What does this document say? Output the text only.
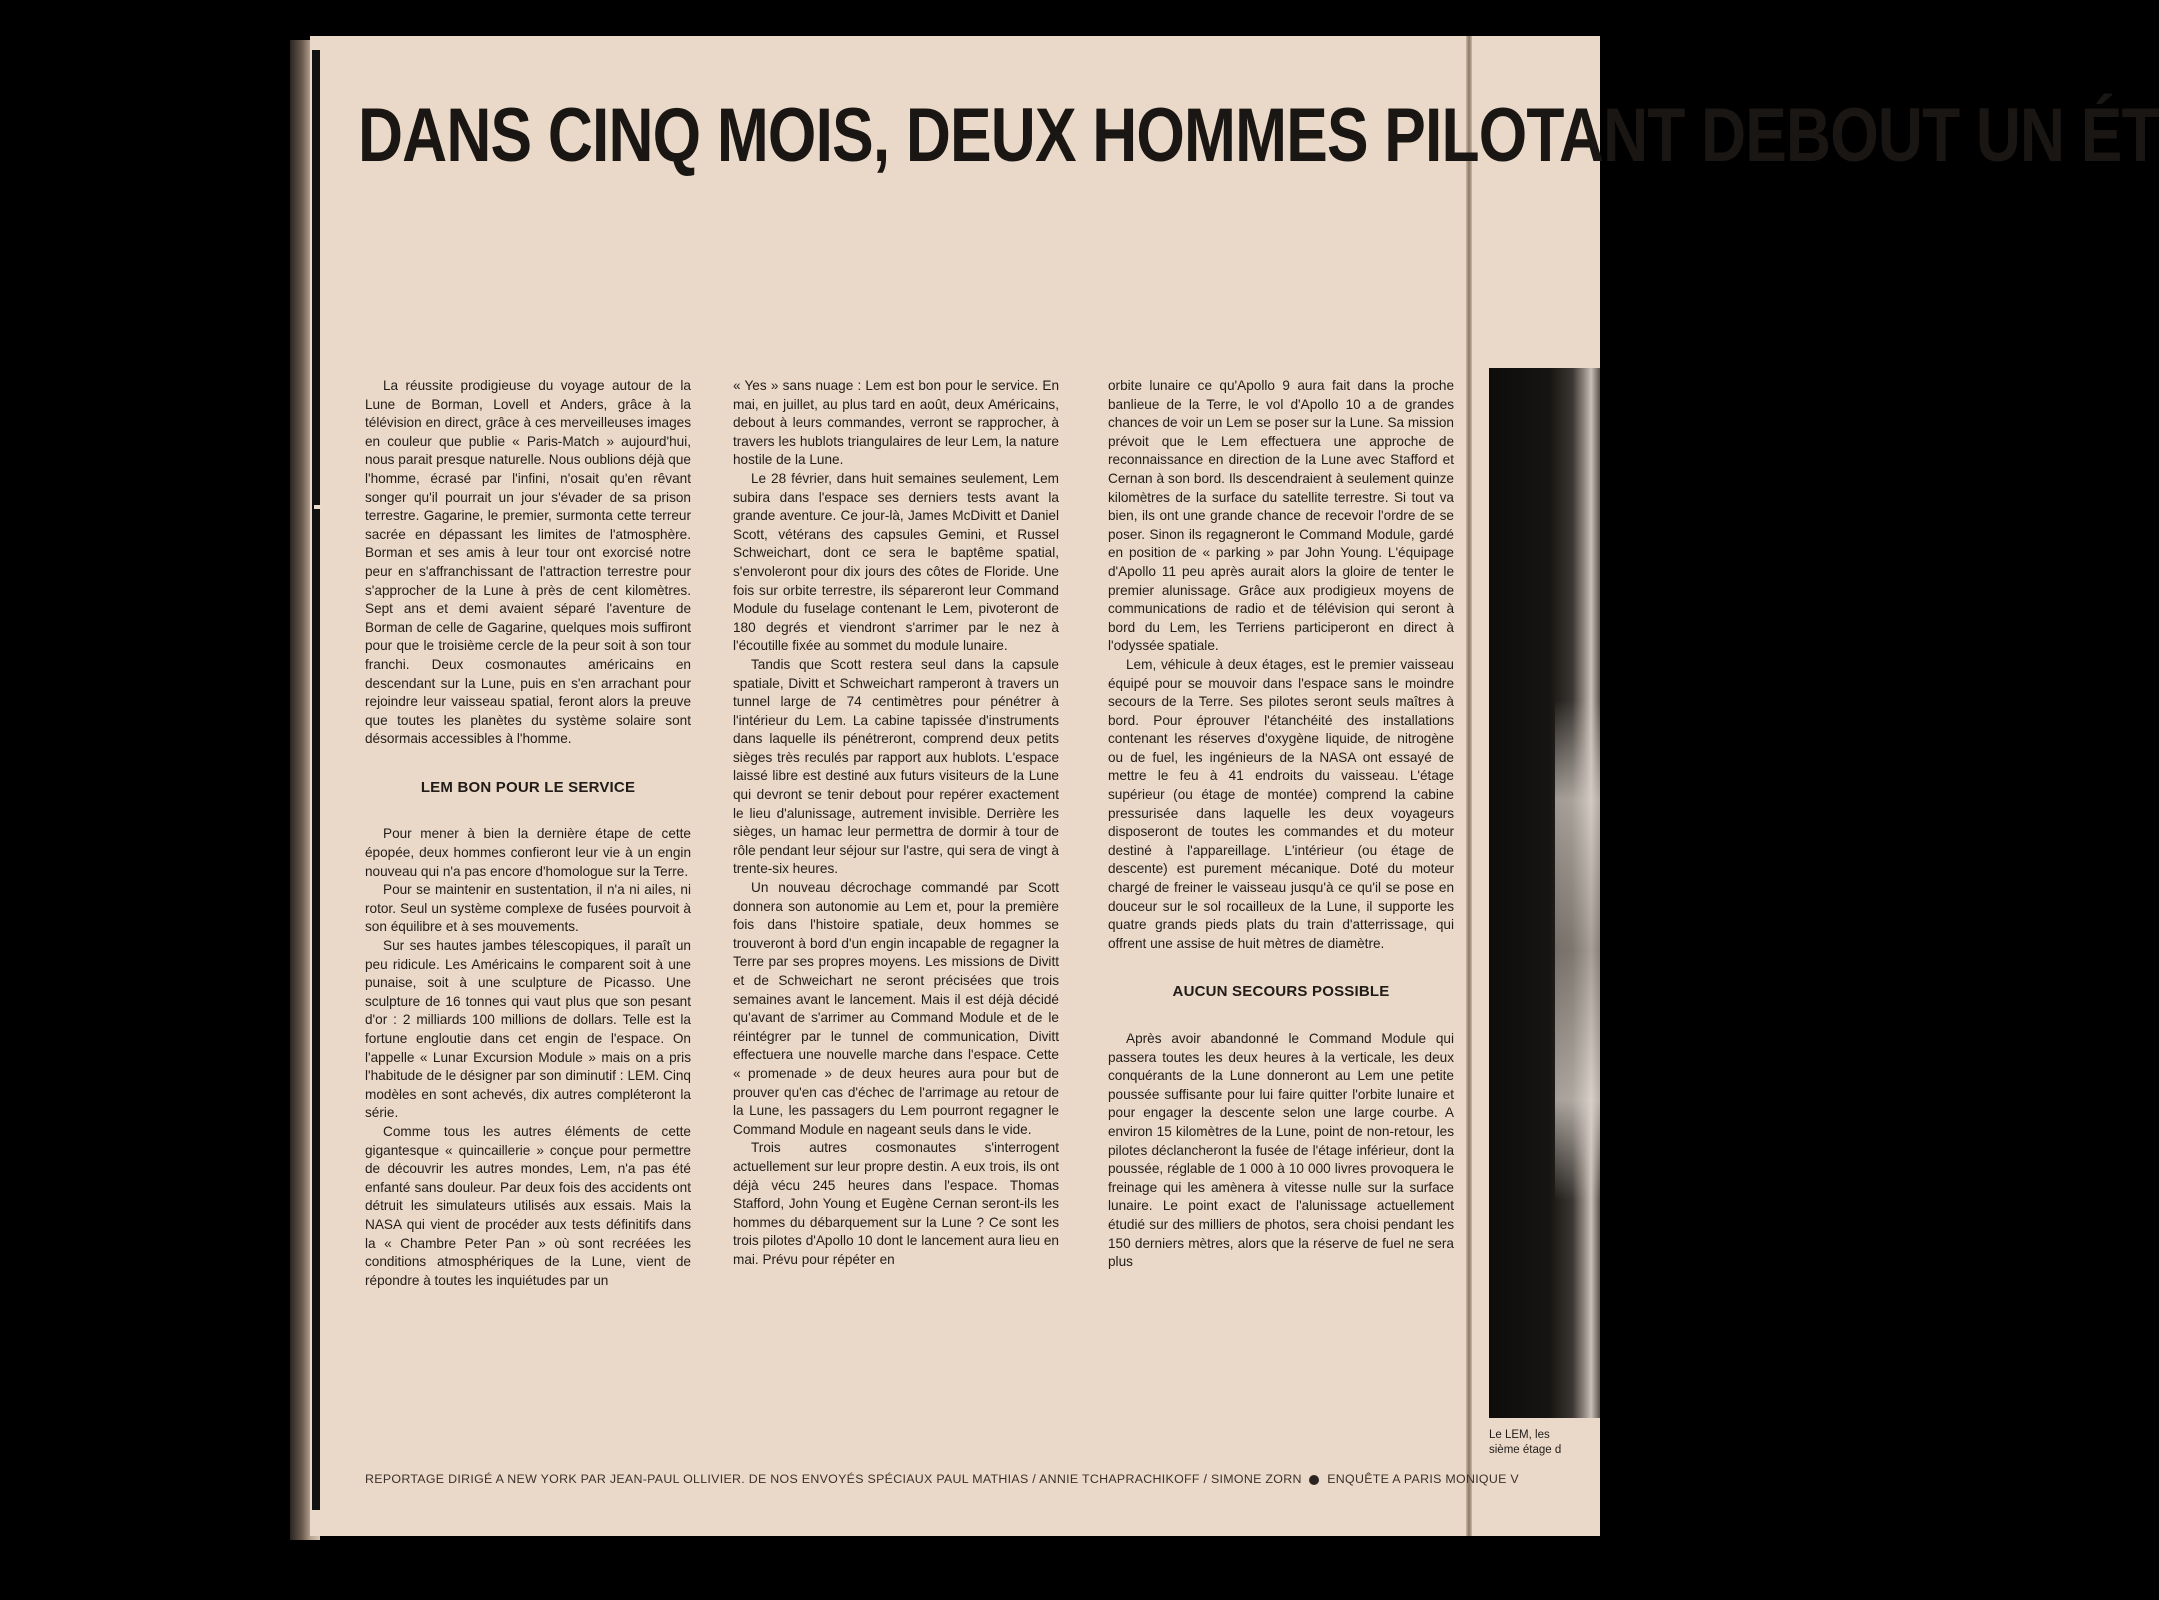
DANS CINQ MOIS, DEUX HOMMES PILOTANT DEBOUT UN ÉT

La réussite prodigieuse du voyage autour de la Lune de Borman, Lovell et Anders, grâce à la télévision en direct, grâce à ces merveilleuses images en couleur que publie « Paris-Match » aujourd'hui, nous parait presque naturelle. Nous oublions déjà que l'homme, écrasé par l'infini, n'osait qu'en rêvant songer qu'il pourrait un jour s'évader de sa prison terrestre. Gagarine, le premier, surmonta cette terreur sacrée en dépassant les limites de l'atmosphère. Borman et ses amis à leur tour ont exorcisé notre peur en s'affranchissant de l'attraction terrestre pour s'approcher de la Lune à près de cent kilomètres. Sept ans et demi avaient séparé l'aventure de Borman de celle de Gagarine, quelques mois suffiront pour que le troisième cercle de la peur soit à son tour franchi. Deux cosmonautes américains en descendant sur la Lune, puis en s'en arrachant pour rejoindre leur vaisseau spatial, feront alors la preuve que toutes les planètes du système solaire sont désormais accessibles à l'homme.

LEM BON POUR LE SERVICE

Pour mener à bien la dernière étape de cette épopée, deux hommes confieront leur vie à un engin nouveau qui n'a pas encore d'homologue sur la Terre.

Pour se maintenir en sustentation, il n'a ni ailes, ni rotor. Seul un système complexe de fusées pourvoit à son équilibre et à ses mouvements.

Sur ses hautes jambes télescopiques, il paraît un peu ridicule. Les Américains le comparent soit à une punaise, soit à une sculpture de Picasso. Une sculpture de 16 tonnes qui vaut plus que son pesant d'or : 2 milliards 100 millions de dollars. Telle est la fortune engloutie dans cet engin de l'espace. On l'appelle « Lunar Excursion Module » mais on a pris l'habitude de le désigner par son diminutif : LEM. Cinq modèles en sont achevés, dix autres compléteront la série.

Comme tous les autres éléments de cette gigantesque « quincaillerie » conçue pour permettre de découvrir les autres mondes, Lem, n'a pas été enfanté sans douleur. Par deux fois des accidents ont détruit les simulateurs utilisés aux essais. Mais la NASA qui vient de procéder aux tests définitifs dans la « Chambre Peter Pan » où sont recréées les conditions atmosphériques de la Lune, vient de répondre à toutes les inquiétudes par un

« Yes » sans nuage : Lem est bon pour le service. En mai, en juillet, au plus tard en août, deux Américains, debout à leurs commandes, verront se rapprocher, à travers les hublots triangulaires de leur Lem, la nature hostile de la Lune.

Le 28 février, dans huit semaines seulement, Lem subira dans l'espace ses derniers tests avant la grande aventure. Ce jour-là, James McDivitt et Daniel Scott, vétérans des capsules Gemini, et Russel Schweichart, dont ce sera le baptême spatial, s'envoleront pour dix jours des côtes de Floride. Une fois sur orbite terrestre, ils sépareront leur Command Module du fuselage contenant le Lem, pivoteront de 180 degrés et viendront s'arrimer par le nez à l'écoutille fixée au sommet du module lunaire.

Tandis que Scott restera seul dans la capsule spatiale, Divitt et Schweichart ramperont à travers un tunnel large de 74 centimètres pour pénétrer à l'intérieur du Lem. La cabine tapissée d'instruments dans laquelle ils pénétreront, comprend deux petits sièges très reculés par rapport aux hublots. L'espace laissé libre est destiné aux futurs visiteurs de la Lune qui devront se tenir debout pour repérer exactement le lieu d'alunissage, autrement invisible. Derrière les sièges, un hamac leur permettra de dormir à tour de rôle pendant leur séjour sur l'astre, qui sera de vingt à trente-six heures.

Un nouveau décrochage commandé par Scott donnera son autonomie au Lem et, pour la première fois dans l'histoire spatiale, deux hommes se trouveront à bord d'un engin incapable de regagner la Terre par ses propres moyens. Les missions de Divitt et de Schweichart ne seront précisées que trois semaines avant le lancement. Mais il est déjà décidé qu'avant de s'arrimer au Command Module et de le réintégrer par le tunnel de communication, Divitt effectuera une nouvelle marche dans l'espace. Cette « promenade » de deux heures aura pour but de prouver qu'en cas d'échec de l'arrimage au retour de la Lune, les passagers du Lem pourront regagner le Command Module en nageant seuls dans le vide.

Trois autres cosmonautes s'interrogent actuellement sur leur propre destin. A eux trois, ils ont déjà vécu 245 heures dans l'espace. Thomas Stafford, John Young et Eugène Cernan seront-ils les hommes du débarquement sur la Lune ? Ce sont les trois pilotes d'Apollo 10 dont le lancement aura lieu en mai. Prévu pour répéter en

orbite lunaire ce qu'Apollo 9 aura fait dans la proche banlieue de la Terre, le vol d'Apollo 10 a de grandes chances de voir un Lem se poser sur la Lune. Sa mission prévoit que le Lem effectuera une approche de reconnaissance en direction de la Lune avec Stafford et Cernan à son bord. Ils descendraient à seulement quinze kilomètres de la surface du satellite terrestre. Si tout va bien, ils ont une grande chance de recevoir l'ordre de se poser. Sinon ils regagneront le Command Module, gardé en position de « parking » par John Young. L'équipage d'Apollo 11 peu après aurait alors la gloire de tenter le premier alunissage. Grâce aux prodigieux moyens de communications de radio et de télévision qui seront à bord du Lem, les Terriens participeront en direct à l'odyssée spatiale.

Lem, véhicule à deux étages, est le premier vaisseau équipé pour se mouvoir dans l'espace sans le moindre secours de la Terre. Ses pilotes seront seuls maîtres à bord. Pour éprouver l'étanchéité des installations contenant les réserves d'oxygène liquide, de nitrogène ou de fuel, les ingénieurs de la NASA ont essayé de mettre le feu à 41 endroits du vaisseau. L'étage supérieur (ou étage de montée) comprend la cabine pressurisée dans laquelle les deux voyageurs disposeront de toutes les commandes et du moteur destiné à l'appareillage. L'intérieur (ou étage de descente) est purement mécanique. Doté du moteur chargé de freiner le vaisseau jusqu'à ce qu'il se pose en douceur sur le sol rocailleux de la Lune, il supporte les quatre grands pieds plats du train d'atterrissage, qui offrent une assise de huit mètres de diamètre.

AUCUN SECOURS POSSIBLE

Après avoir abandonné le Command Module qui passera toutes les deux heures à la verticale, les deux conquérants de la Lune donneront au Lem une petite poussée suffisante pour lui faire quitter l'orbite lunaire et pour engager la descente selon une large courbe. A environ 15 kilomètres de la Lune, point de non-retour, les pilotes déclancheront la fusée de l'étage inférieur, dont la poussée, réglable de 1 000 à 10 000 livres provoquera le freinage qui les amènera à vitesse nulle sur la surface lunaire. Le point exact de l'alunissage actuellement étudié sur des milliers de photos, sera choisi pendant les 150 derniers mètres, alors que la réserve de fuel ne sera plus

Le LEM, les
sième étage d
REPORTAGE DIRIGÉ A NEW YORK PAR JEAN-PAUL OLLIVIER. DE NOS ENVOYÉS SPÉCIAUX PAUL MATHIAS / ANNIE TCHAPRACHIKOFF / SIMONE ZORN ENQUÊTE A PARIS MONIQUE V
